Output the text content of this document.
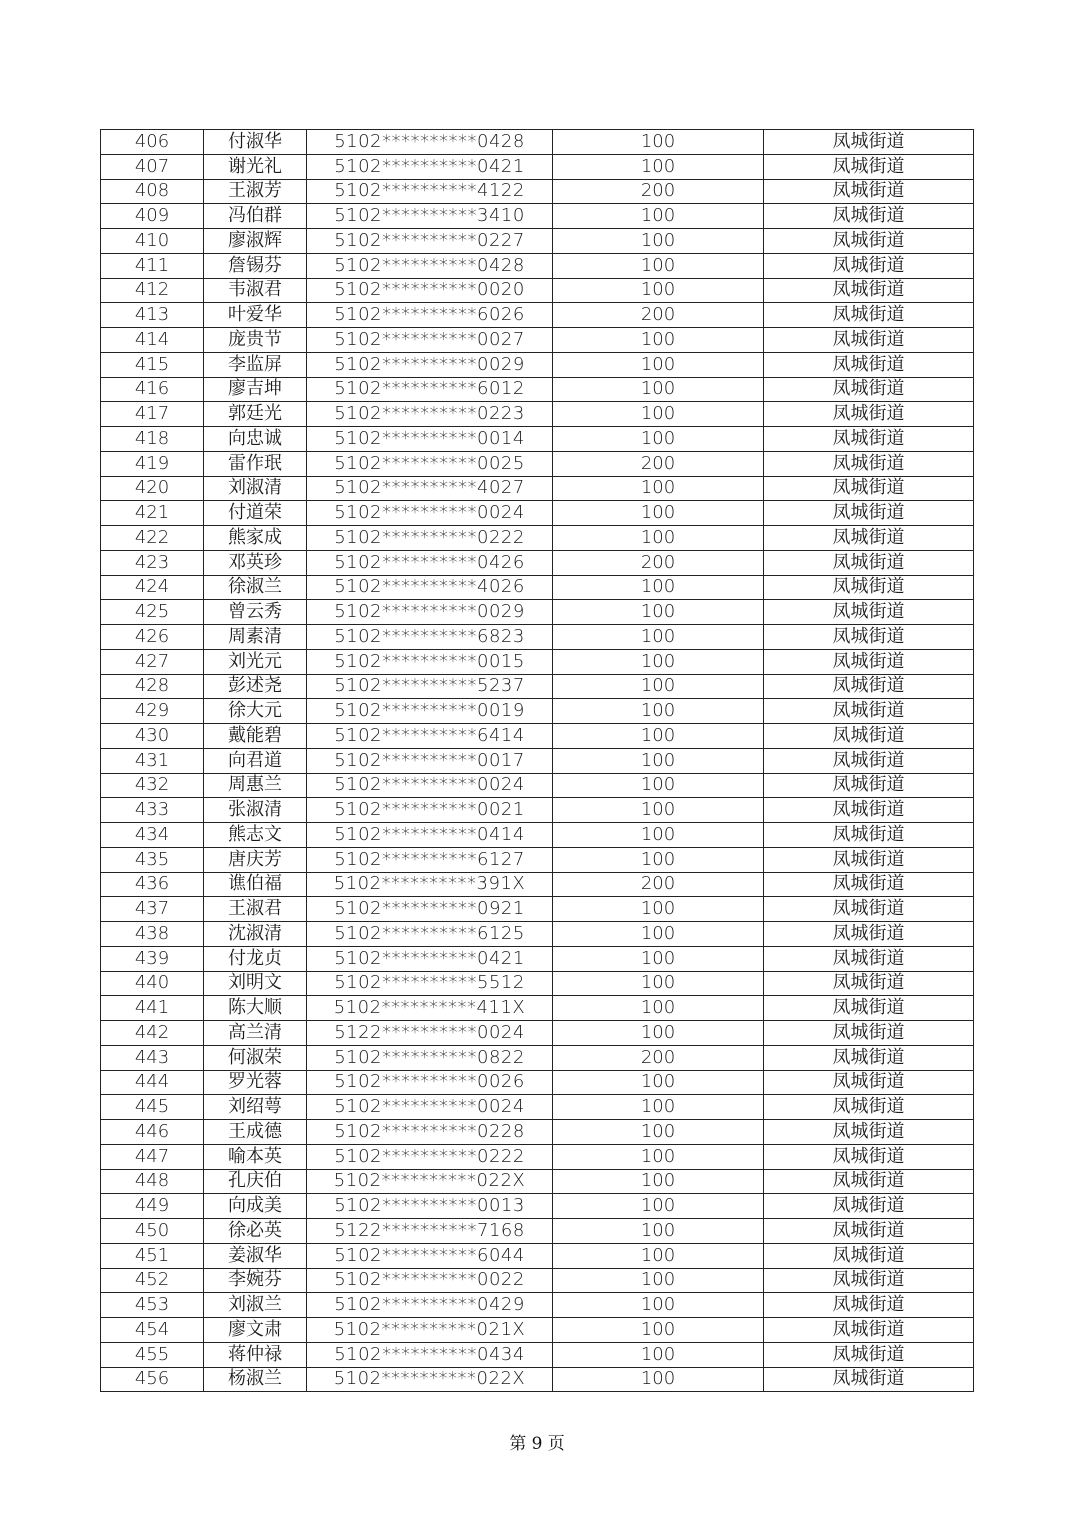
406	付淑华	5102**********0428	100	凤城街道
407	谢光礼	5102**********0421	100	凤城街道
408	王淑芳	5102**********4122	200	凤城街道
409	冯伯群	5102**********3410	100	凤城街道
410	廖淑辉	5102**********0227	100	凤城街道
411	詹锡芬	5102**********0428	100	凤城街道
412	韦淑君	5102**********0020	100	凤城街道
413	叶爱华	5102**********6026	200	凤城街道
414	庞贵节	5102**********0027	100	凤城街道
415	李监屏	5102**********0029	100	凤城街道
416	廖吉坤	5102**********6012	100	凤城街道
417	郭廷光	5102**********0223	100	凤城街道
418	向忠诚	5102**********0014	100	凤城街道
419	雷作珉	5102**********0025	200	凤城街道
420	刘淑清	5102**********4027	100	凤城街道
421	付道荣	5102**********0024	100	凤城街道
422	熊家成	5102**********0222	100	凤城街道
423	邓英珍	5102**********0426	200	凤城街道
424	徐淑兰	5102**********4026	100	凤城街道
425	曾云秀	5102**********0029	100	凤城街道
426	周素清	5102**********6823	100	凤城街道
427	刘光元	5102**********0015	100	凤城街道
428	彭述尧	5102**********5237	100	凤城街道
429	徐大元	5102**********0019	100	凤城街道
430	戴能碧	5102**********6414	100	凤城街道
431	向君道	5102**********0017	100	凤城街道
432	周惠兰	5102**********0024	100	凤城街道
433	张淑清	5102**********0021	100	凤城街道
434	熊志文	5102**********0414	100	凤城街道
435	唐庆芳	5102**********6127	100	凤城街道
436	谯伯福	5102**********391X	200	凤城街道
437	王淑君	5102**********0921	100	凤城街道
438	沈淑清	5102**********6125	100	凤城街道
439	付龙贞	5102**********0421	100	凤城街道
440	刘明文	5102**********5512	100	凤城街道
441	陈大顺	5102**********411X	100	凤城街道
442	高兰清	5122**********0024	100	凤城街道
443	何淑荣	5102**********0822	200	凤城街道
444	罗光蓉	5102**********0026	100	凤城街道
445	刘绍萼	5102**********0024	100	凤城街道
446	王成德	5102**********0228	100	凤城街道
447	喻本英	5102**********0222	100	凤城街道
448	孔庆伯	5102**********022X	100	凤城街道
449	向成美	5102**********0013	100	凤城街道
450	徐必英	5122**********7168	100	凤城街道
451	姜淑华	5102**********6044	100	凤城街道
452	李婉芬	5102**********0022	100	凤城街道
453	刘淑兰	5102**********0429	100	凤城街道
454	廖文肃	5102**********021X	100	凤城街道
455	蒋仲禄	5102**********0434	100	凤城街道
456	杨淑兰	5102**********022X	100	凤城街道
第 9 页
